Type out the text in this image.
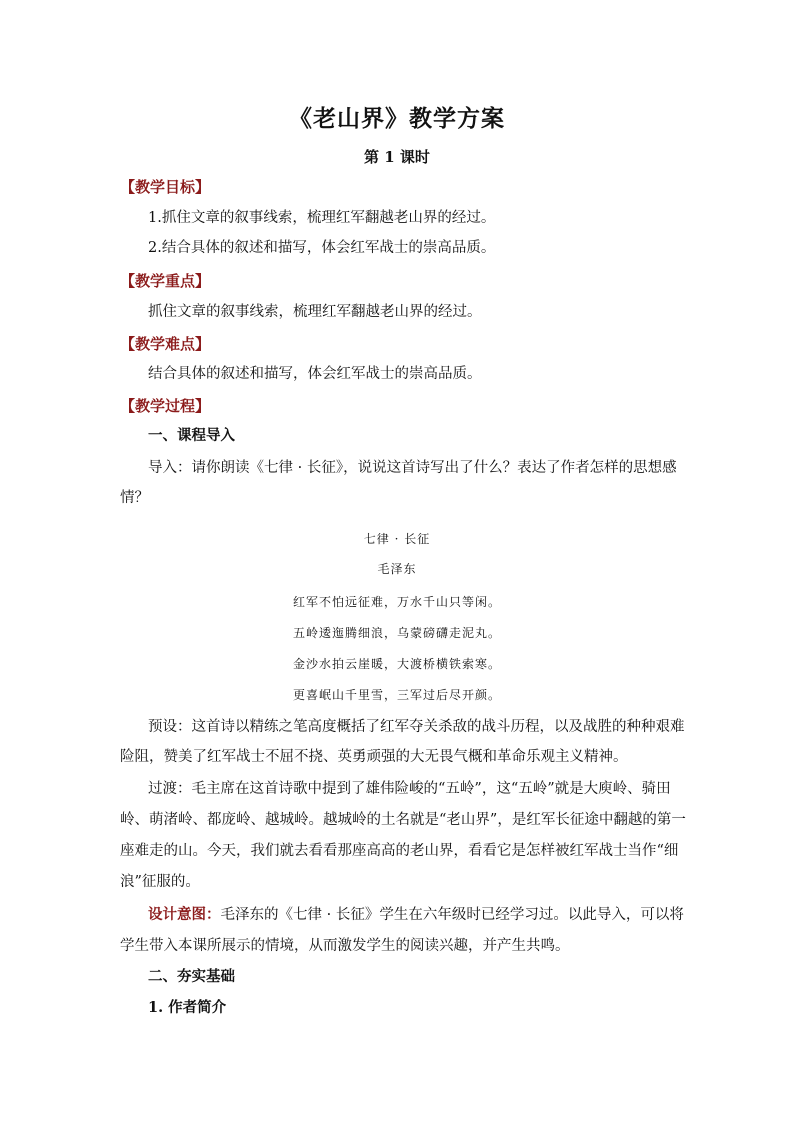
《老山界》教学方案
第 1 课时
【教学目标】
1.抓住文章的叙事线索，梳理红军翻越老山界的经过。
2.结合具体的叙述和描写，体会红军战士的崇高品质。
【教学重点】
抓住文章的叙事线索，梳理红军翻越老山界的经过。
【教学难点】
结合具体的叙述和描写，体会红军战士的崇高品质。
【教学过程】
一、课程导入
导入：请你朗读《七律 · 长征》，说说这首诗写出了什么？表达了作者怎样的思想感
情？
七律 · 长征
毛泽东
红军不怕远征难，万水千山只等闲。
五岭逶迤腾细浪，乌蒙磅礴走泥丸。
金沙水拍云崖暖，大渡桥横铁索寒。
更喜岷山千里雪，三军过后尽开颜。
预设：这首诗以精练之笔高度概括了红军夺关杀敌的战斗历程，以及战胜的种种艰难
险阻，赞美了红军战士不屈不挠、英勇顽强的大无畏气概和革命乐观主义精神。
过渡：毛主席在这首诗歌中提到了雄伟险峻的“五岭”，这“五岭”就是大庾岭、骑田
岭、萌渚岭、都庞岭、越城岭。越城岭的土名就是“老山界”，是红军长征途中翻越的第一
座难走的山。今天，我们就去看看那座高高的老山界，看看它是怎样被红军战士当作“细
浪”征服的。
设计意图：毛泽东的《七律 · 长征》学生在六年级时已经学习过。以此导入，可以将
学生带入本课所展示的情境，从而激发学生的阅读兴趣，并产生共鸣。
二、夯实基础
1. 作者简介
